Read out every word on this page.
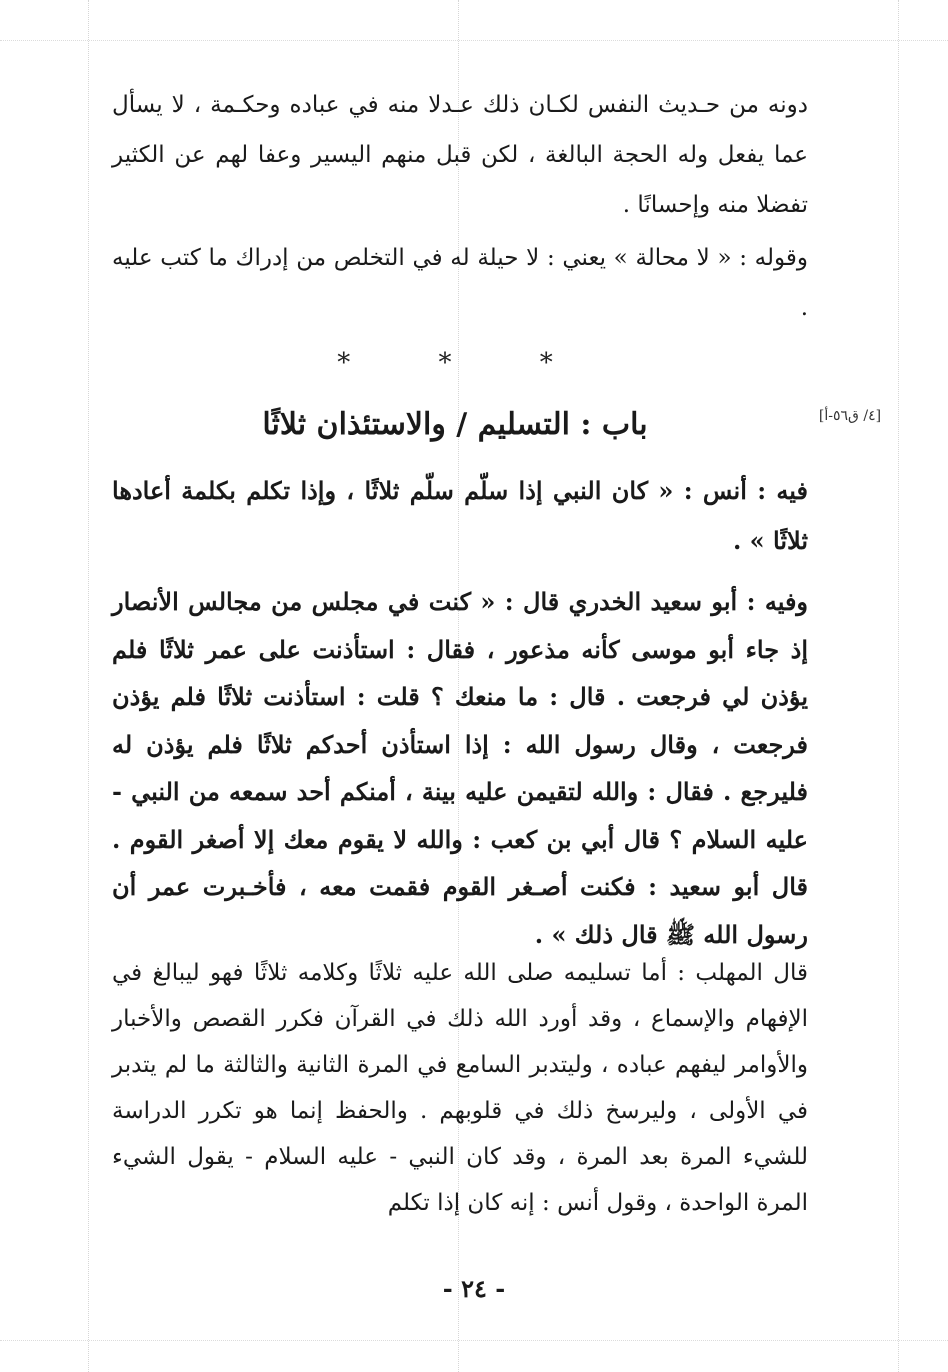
دونه من حـديث النفس لكـان ذلك عـدلا منه في عباده وحكـمة ، لا يسأل عما يفعل وله الحجة البالغة ، لكن قبل منهم اليسير وعفا لهم عن الكثير تفضلا منه وإحسانًا .

وقوله : « لا محالة » يعني : لا حيلة له في التخلص من إدراك ما كتب عليه .

* * *
باب : التسليم / والاستئذان ثلاثًا	[٤/ ق٥٦-أ]

فيه : أنس : « كان النبي إذا سلّم سلّم ثلاثًا ، وإذا تكلم بكلمة أعادها ثلاثًا » .

وفيه : أبو سعيد الخدري قال : « كنت في مجلس من مجالس الأنصار إذ جاء أبو موسى كأنه مذعور ، فقال : استأذنت على عمر ثلاثًا فلم يؤذن لي فرجعت . قال : ما منعك ؟ قلت : استأذنت ثلاثًا فلم يؤذن فرجعت ، وقال رسول الله : إذا استأذن أحدكم ثلاثًا فلم يؤذن له فليرجع . فقال : والله لتقيمن عليه بينة ، أمنكم أحد سمعه من النبي - عليه السلام ؟ قال أبي بن كعب : والله لا يقوم معك إلا أصغر القوم . قال أبو سعيد : فكنت أصـغر القوم فقمت معه ، فأخـبرت عمر أن رسول الله ﷺ قال ذلك » .

قال المهلب : أما تسليمه صلى الله عليه ثلاثًا وكلامه ثلاثًا فهو ليبالغ في الإفهام والإسماع ، وقد أورد الله ذلك في القرآن فكرر القصص والأخبار والأوامر ليفهم عباده ، وليتدبر السامع في المرة الثانية والثالثة ما لم يتدبر في الأولى ، وليرسخ ذلك في قلوبهم . والحفظ إنما هو تكرر الدراسة للشيء المرة بعد المرة ، وقد كان النبي - عليه السلام - يقول الشيء المرة الواحدة ، وقول أنس : إنه كان إذا تكلم

- ٢٤ -
